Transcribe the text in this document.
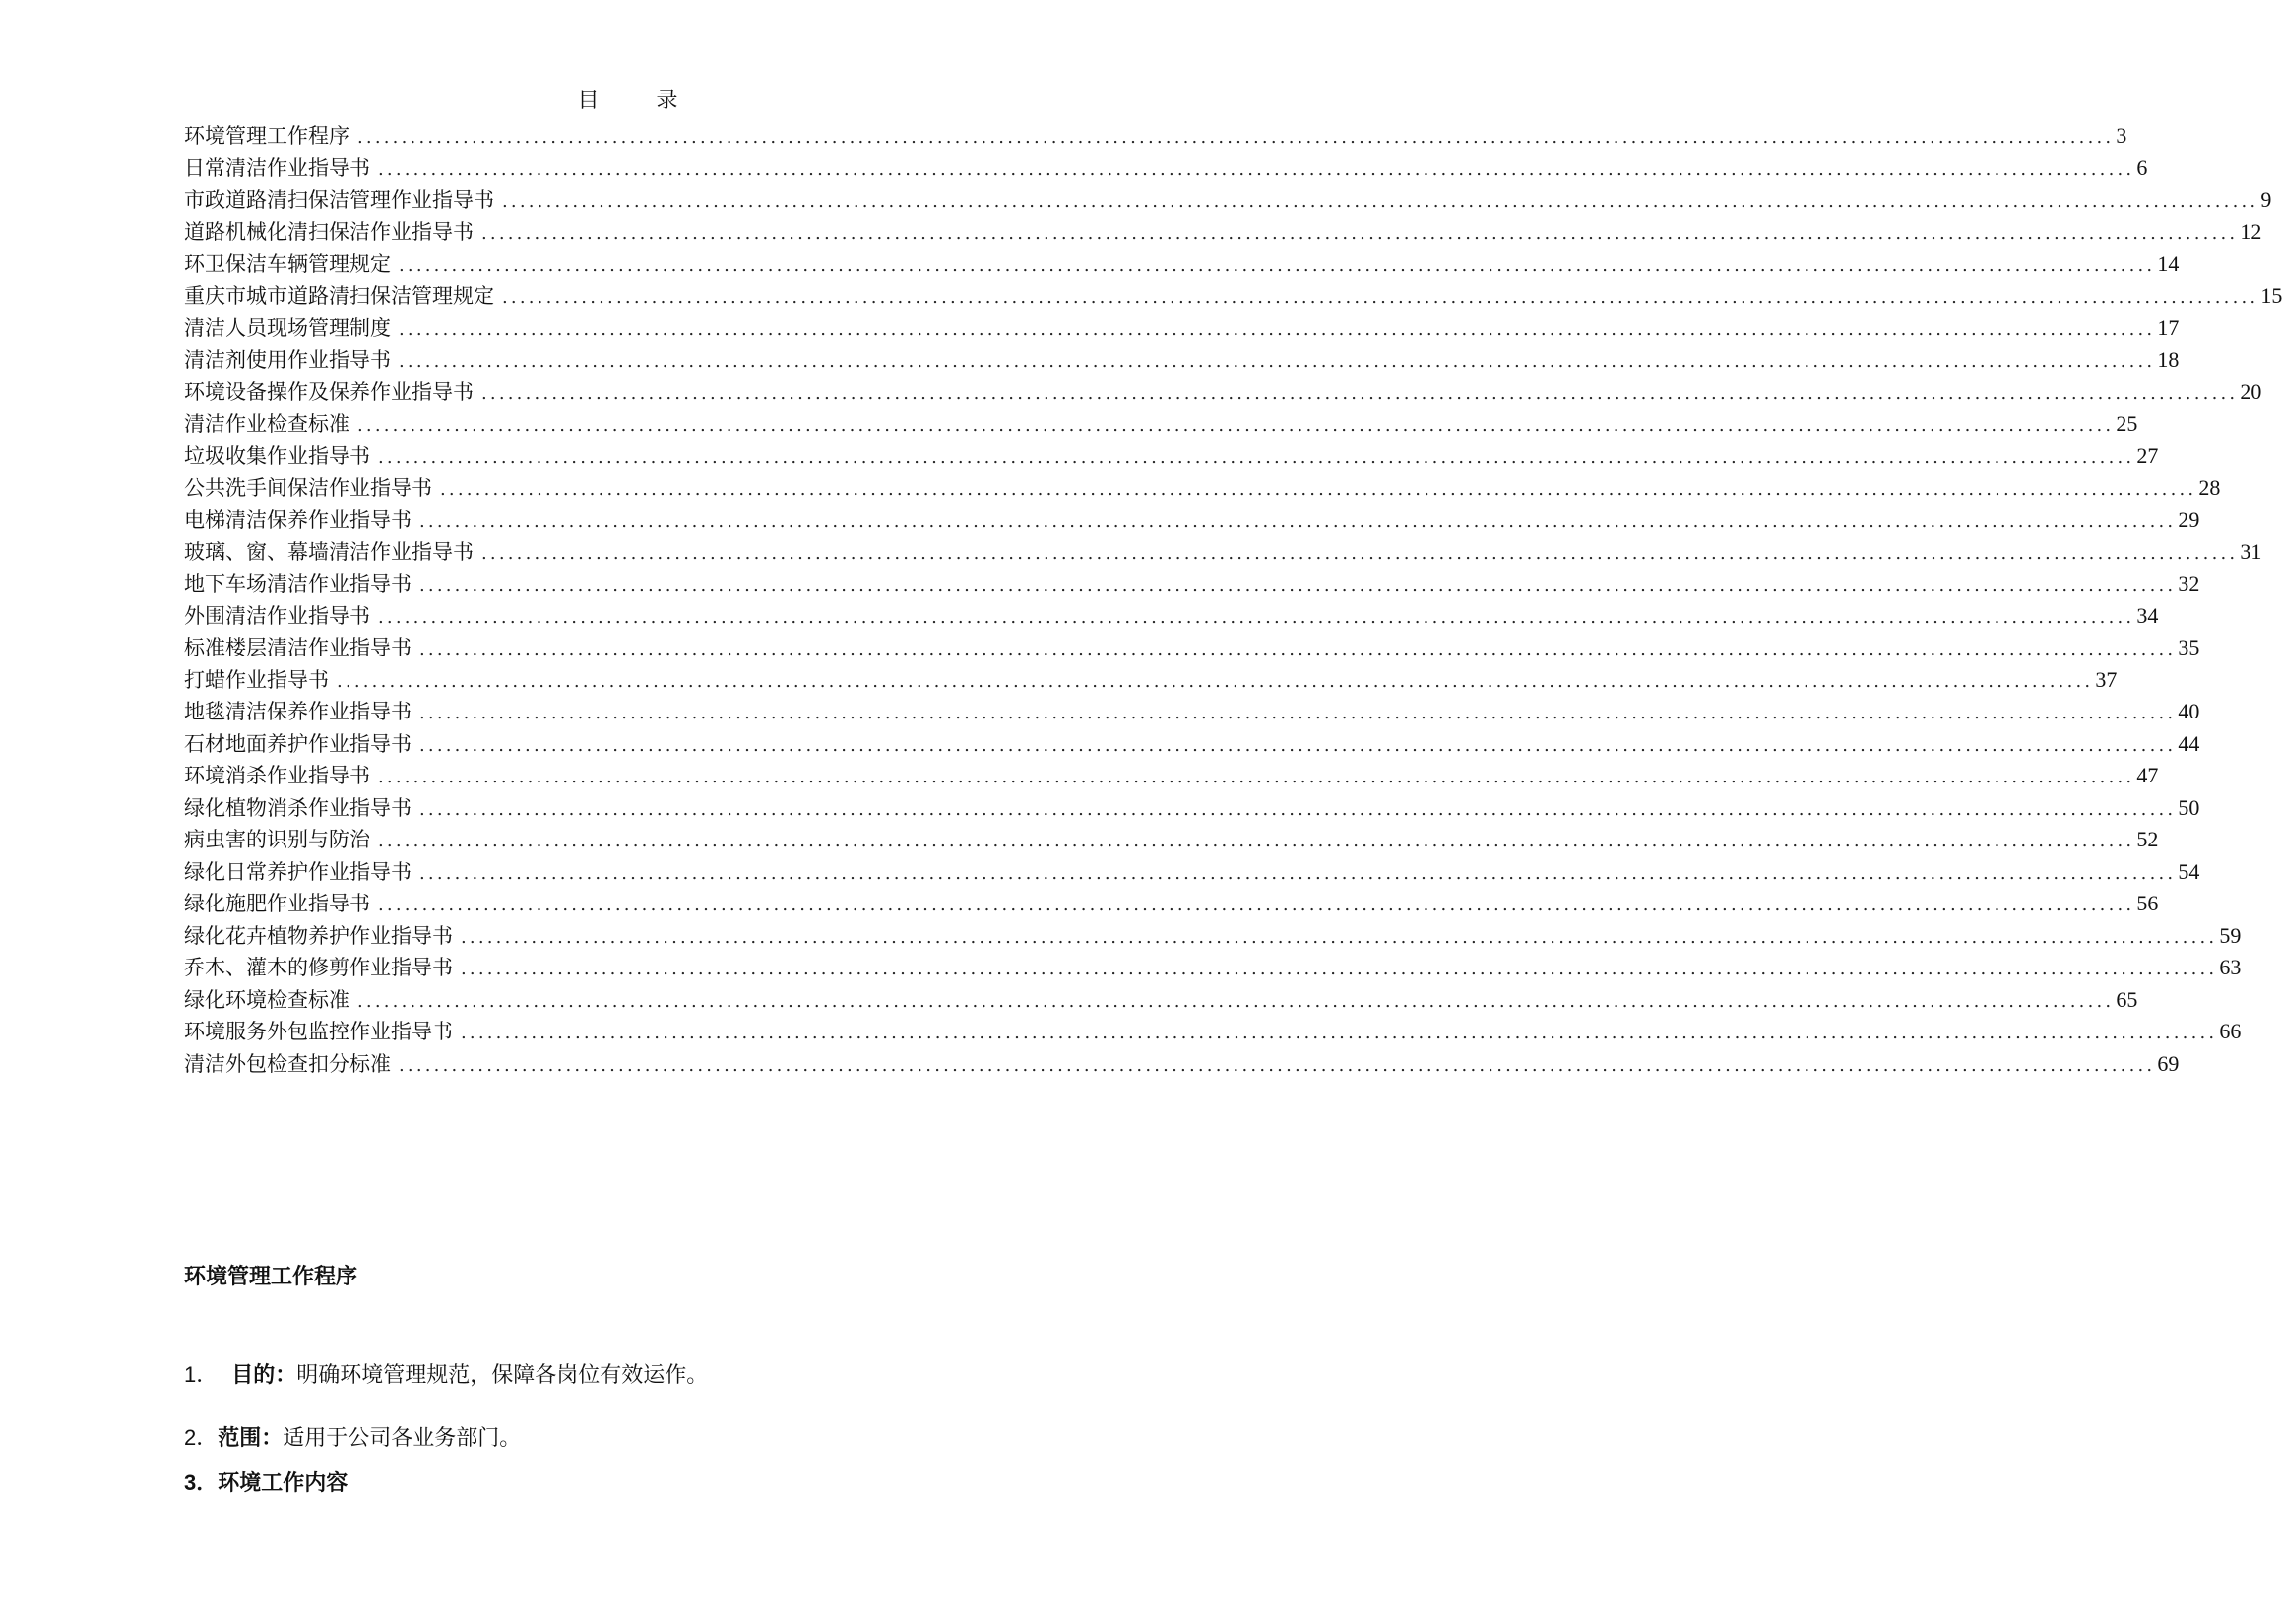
目录
环境管理工作程序 ........................................................................................................................................................................................................ 3
日常清洁作业指导书 ........................................................................................................................................................................................................ 6
市政道路清扫保洁管理作业指导书 ........................................................................................................................................................................................................ 9
道路机械化清扫保洁作业指导书 ........................................................................................................................................................................................................ 12
环卫保洁车辆管理规定 ........................................................................................................................................................................................................ 14
重庆市城市道路清扫保洁管理规定 ........................................................................................................................................................................................................ 15
清洁人员现场管理制度 ........................................................................................................................................................................................................ 17
清洁剂使用作业指导书 ........................................................................................................................................................................................................ 18
环境设备操作及保养作业指导书 ........................................................................................................................................................................................................ 20
清洁作业检查标准 ........................................................................................................................................................................................................ 25
垃圾收集作业指导书 ........................................................................................................................................................................................................ 27
公共洗手间保洁作业指导书 ........................................................................................................................................................................................................ 28
电梯清洁保养作业指导书 ........................................................................................................................................................................................................ 29
玻璃、窗、幕墙清洁作业指导书 ........................................................................................................................................................................................................ 31
地下车场清洁作业指导书 ........................................................................................................................................................................................................ 32
外围清洁作业指导书 ........................................................................................................................................................................................................ 34
标准楼层清洁作业指导书 ........................................................................................................................................................................................................ 35
打蜡作业指导书 ........................................................................................................................................................................................................ 37
地毯清洁保养作业指导书 ........................................................................................................................................................................................................ 40
石材地面养护作业指导书 ........................................................................................................................................................................................................ 44
环境消杀作业指导书 ........................................................................................................................................................................................................ 47
绿化植物消杀作业指导书 ........................................................................................................................................................................................................ 50
病虫害的识别与防治 ........................................................................................................................................................................................................ 52
绿化日常养护作业指导书 ........................................................................................................................................................................................................ 54
绿化施肥作业指导书 ........................................................................................................................................................................................................ 56
绿化花卉植物养护作业指导书 ........................................................................................................................................................................................................ 59
乔木、灌木的修剪作业指导书 ........................................................................................................................................................................................................ 63
绿化环境检查标准 ........................................................................................................................................................................................................ 65
环境服务外包监控作业指导书 ........................................................................................................................................................................................................ 66
清洁外包检查扣分标准 ........................................................................................................................................................................................................ 69
环境管理工作程序
1． 目的：明确环境管理规范，保障各岗位有效运作。
2．范围：适用于公司各业务部门。
3．环境工作内容
